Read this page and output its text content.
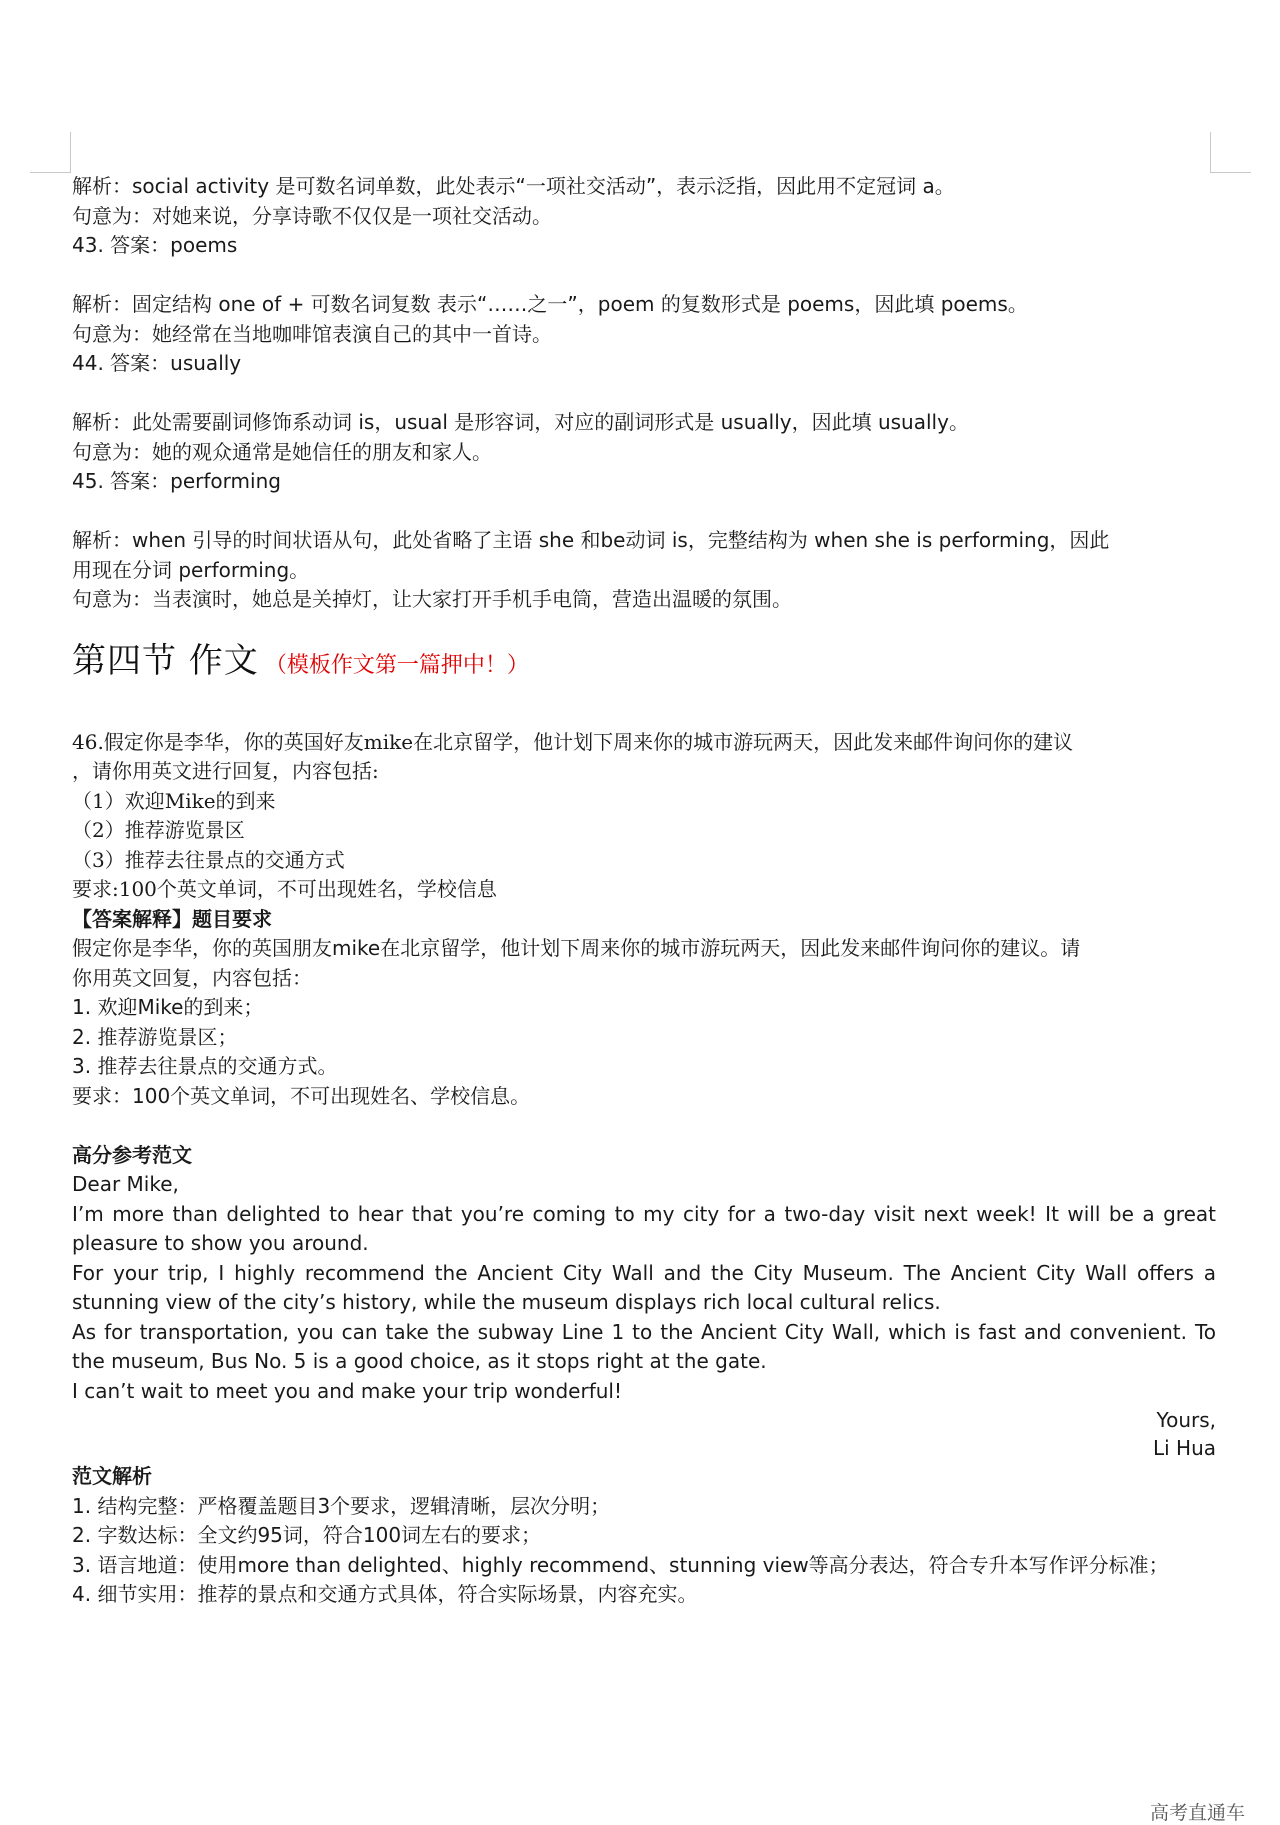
解析：social activity 是可数名词单数，此处表示“一项社交活动”，表示泛指，因此用不定冠词 a。
句意为：对她来说，分享诗歌不仅仅是一项社交活动。
43. 答案：poems
解析：固定结构 one of + 可数名词复数 表示“……之一”，poem 的复数形式是 poems，因此填 poems。
句意为：她经常在当地咖啡馆表演自己的其中一首诗。
44. 答案：usually
解析：此处需要副词修饰系动词 is，usual 是形容词，对应的副词形式是 usually，因此填 usually。
句意为：她的观众通常是她信任的朋友和家人。
45. 答案：performing
解析：when 引导的时间状语从句，此处省略了主语 she 和be动词 is，完整结构为 when she is performing，因此
用现在分词 performing。
句意为：当表演时，她总是关掉灯，让大家打开手机手电筒，营造出温暖的氛围。
第四节 作文 （模板作文第一篇押中！）
46.假定你是李华，你的英国好友mike在北京留学，他计划下周来你的城市游玩两天，因此发来邮件询问你的建议
，请你用英文进行回复，内容包括:
（1）欢迎Mike的到来
（2）推荐游览景区
（3）推荐去往景点的交通方式
要求:100个英文单词，不可出现姓名，学校信息
【答案解释】题目要求
假定你是李华，你的英国朋友mike在北京留学，他计划下周来你的城市游玩两天，因此发来邮件询问你的建议。请
你用英文回复，内容包括：
1. 欢迎Mike的到来；
2. 推荐游览景区；
3. 推荐去往景点的交通方式。
要求：100个英文单词，不可出现姓名、学校信息。
高分参考范文
Dear Mike,
I’m more than delighted to hear that you’re coming to my city for a two-day visit next week! It will be a great pleasure to show you around.
For your trip, I highly recommend the Ancient City Wall and the City Museum. The Ancient City Wall offers a stunning view of the city’s history, while the museum displays rich local cultural relics.
As for transportation, you can take the subway Line 1 to the Ancient City Wall, which is fast and convenient. To the museum, Bus No. 5 is a good choice, as it stops right at the gate.
I can’t wait to meet you and make your trip wonderful!
Yours,
Li Hua
范文解析
1. 结构完整：严格覆盖题目3个要求，逻辑清晰，层次分明；
2. 字数达标：全文约95词，符合100词左右的要求；
3. 语言地道：使用more than delighted、highly recommend、stunning view等高分表达，符合专升本写作评分标准；
4. 细节实用：推荐的景点和交通方式具体，符合实际场景，内容充实。
高考直通车
